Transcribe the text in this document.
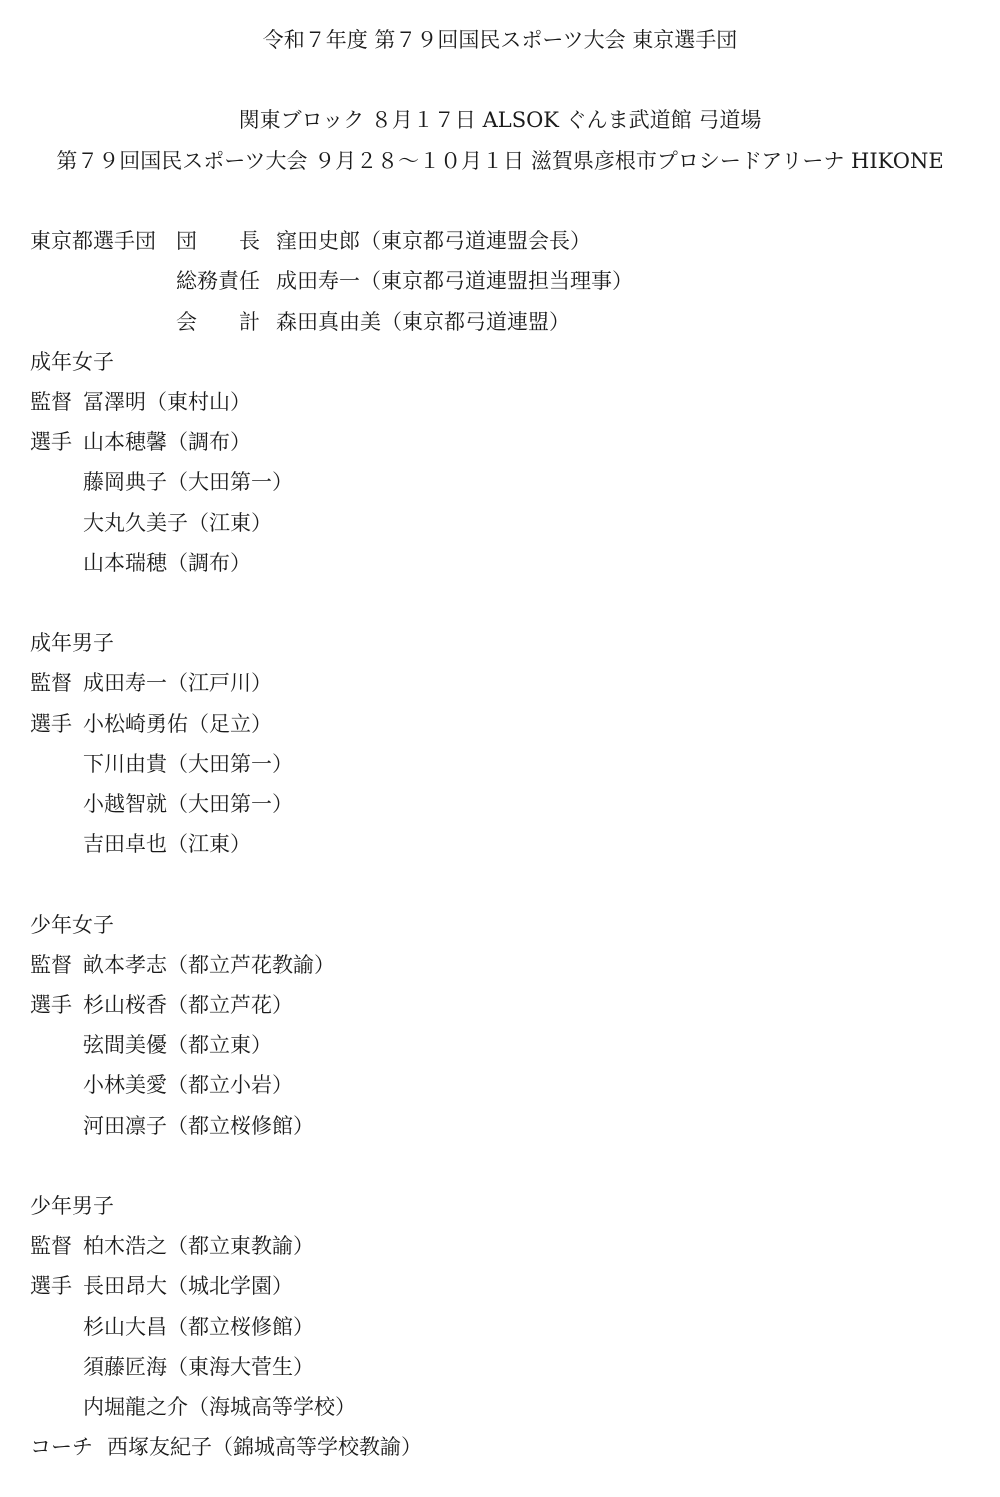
令和７年度 第７９回国民スポーツ大会 東京選手団
関東ブロック ８月１７日 ALSOK ぐんま武道館 弓道場
第７９回国民スポーツ大会 ９月２８〜１０月１日 滋賀県彦根市プロシードアリーナ HIKONE
東京都選手団 団　　長 窪田史郎（東京都弓道連盟会長）
総務責任 成田寿一（東京都弓道連盟担当理事）
会　　計 森田真由美（東京都弓道連盟）
成年女子
監督 冨澤明（東村山）
選手 山本穂馨（調布）
藤岡典子（大田第一）
大丸久美子（江東）
山本瑞穂（調布）
成年男子
監督 成田寿一（江戸川）
選手 小松崎勇佑（足立）
下川由貴（大田第一）
小越智就（大田第一）
吉田卓也（江東）
少年女子
監督 畝本孝志（都立芦花教諭）
選手 杉山桜香（都立芦花）
弦間美優（都立東）
小林美愛（都立小岩）
河田凛子（都立桜修館）
少年男子
監督 柏木浩之（都立東教諭）
選手 長田昂大（城北学園）
杉山大昌（都立桜修館）
須藤匠海（東海大菅生）
内堀龍之介（海城高等学校）
コーチ 西塚友紀子（錦城高等学校教諭）
